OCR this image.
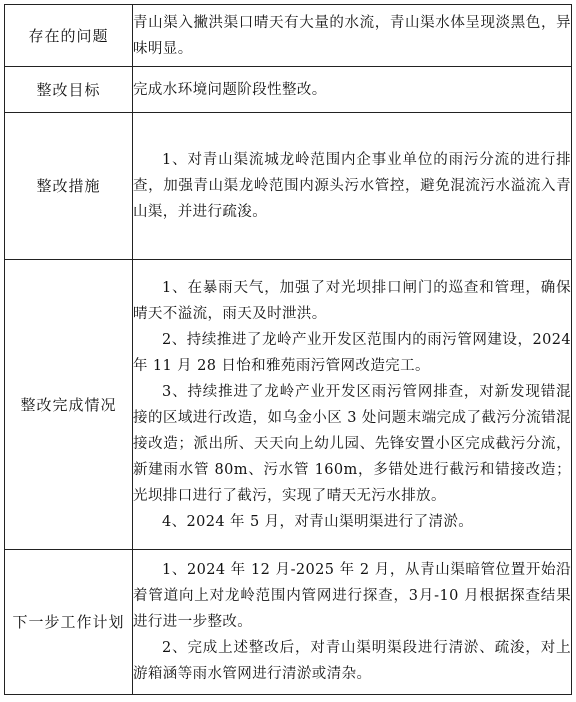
存在的问题	青山渠入撇洪渠口晴天有大量的水流，青山渠水体呈现淡黑色，异味明显。

整改目标	完成水环境问题阶段性整改。

整改措施	1、对青山渠流城龙岭范围内企事业单位的雨污分流的进行排查，加强青山渠龙岭范围内源头污水管控，避免混流污水溢流入青山渠，并进行疏浚。

整改完成情况	1、在暴雨天气，加强了对光坝排口闸门的巡查和管理，确保晴天不溢流，雨天及时泄洪。

2、持续推进了龙岭产业开发区范围内的雨污管网建设，2024 年 11 月 28 日怡和雅苑雨污管网改造完工。

3、持续推进了龙岭产业开发区雨污管网排查，对新发现错混接的区域进行改造，如乌金小区 3 处问题末端完成了截污分流错混接改造；派出所、天天向上幼儿园、先锋安置小区完成截污分流，新建雨水管 80m、污水管 160m，多错处进行截污和错接改造；光坝排口进行了截污，实现了晴天无污水排放。

4、2024 年 5 月，对青山渠明渠进行了清淤。

下一步工作计划	1、2024 年 12 月-2025 年 2 月，从青山渠暗管位置开始沿着管道向上对龙岭范围内管网进行探查，3月-10 月根据探查结果进行进一步整改。

2、完成上述整改后，对青山渠明渠段进行清淤、疏浚，对上游箱涵等雨水管网进行清淤或清杂。
